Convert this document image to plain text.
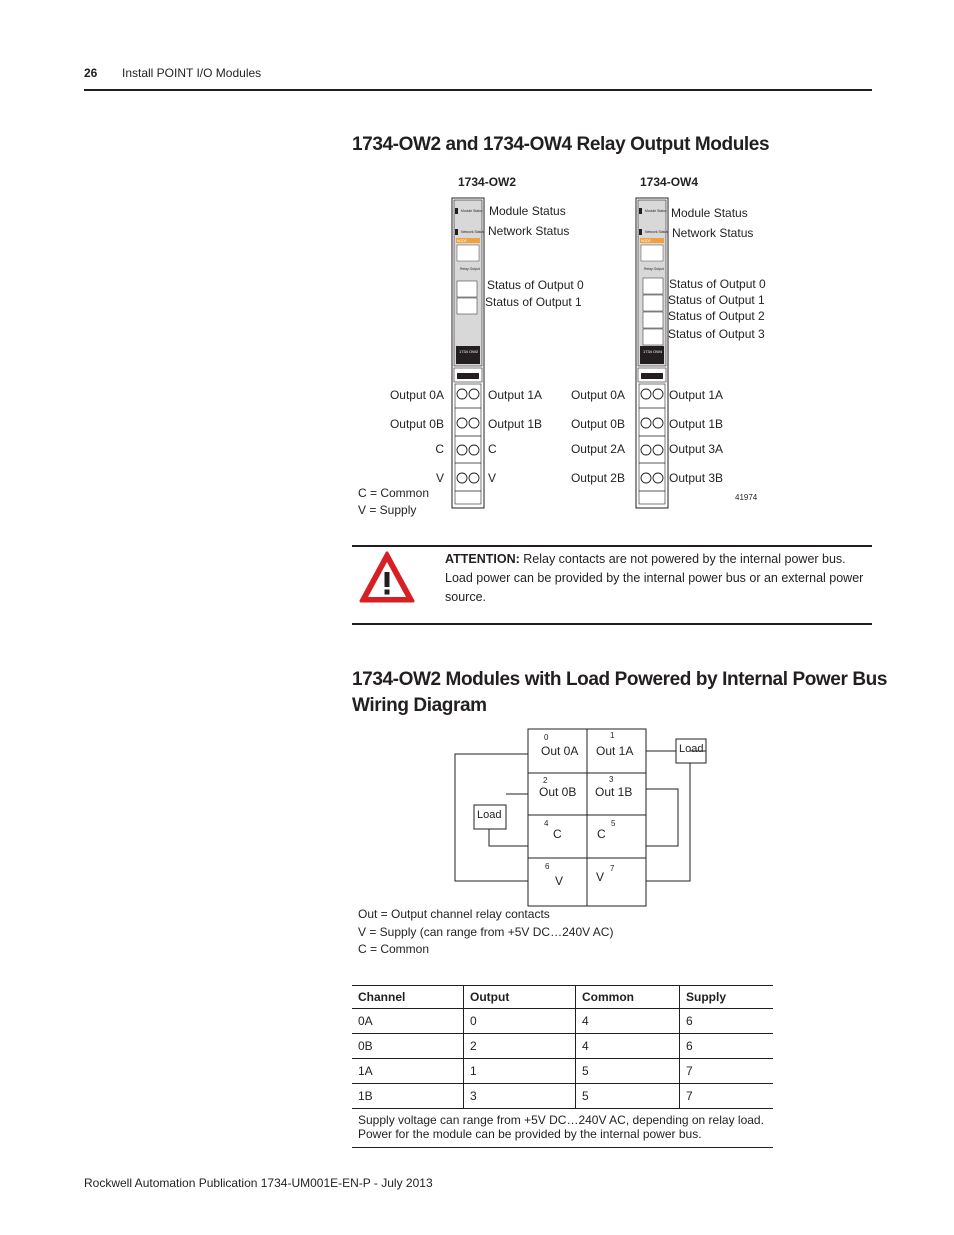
26 Install POINT I/O Modules
1734-OW2 and 1734-OW4 Relay Output Modules
1734-OW2
Module Status
Network Status
NODE:
Relay Output
1734 OW2
Module Status
Network Status
Status of Output 0
Status of Output 1
Output 0A
Output 0B
C
V
Output 1A
Output 1B
C
V
1734-OW4
Module Status
Network Status
NODE:
Relay Output
1734 OW4
Module Status
Network Status
Status of Output 0
Status of Output 1
Status of Output 2
Status of Output 3
Output 0A
Output 0B
Output 2A
Output 2B
Output 1A
Output 1B
Output 3A
Output 3B
C = Common
V = Supply
41974
ATTENTION: Relay contacts are not powered by the internal power bus. Load power can be provided by the internal power bus or an external power source.
1734-OW2 Modules with Load Powered by Internal Power Bus
Wiring Diagram
0
Out 0A
1
Out 1A
2
Out 0B
3
Out 1B
4
C
5
C
6
V
7
V
Load
Load
Out = Output channel relay contacts
V = Supply (can range from +5V DC…240V AC)
C = Common
Channel	Output	Common	Supply
0A	0	4	6
0B	2	4	6
1A	1	5	7
1B	3	5	7

Supply voltage can range from +5V DC…240V AC, depending on relay load.
Power for the module can be provided by the internal power bus.			
Rockwell Automation Publication 1734-UM001E-EN-P - July 2013
